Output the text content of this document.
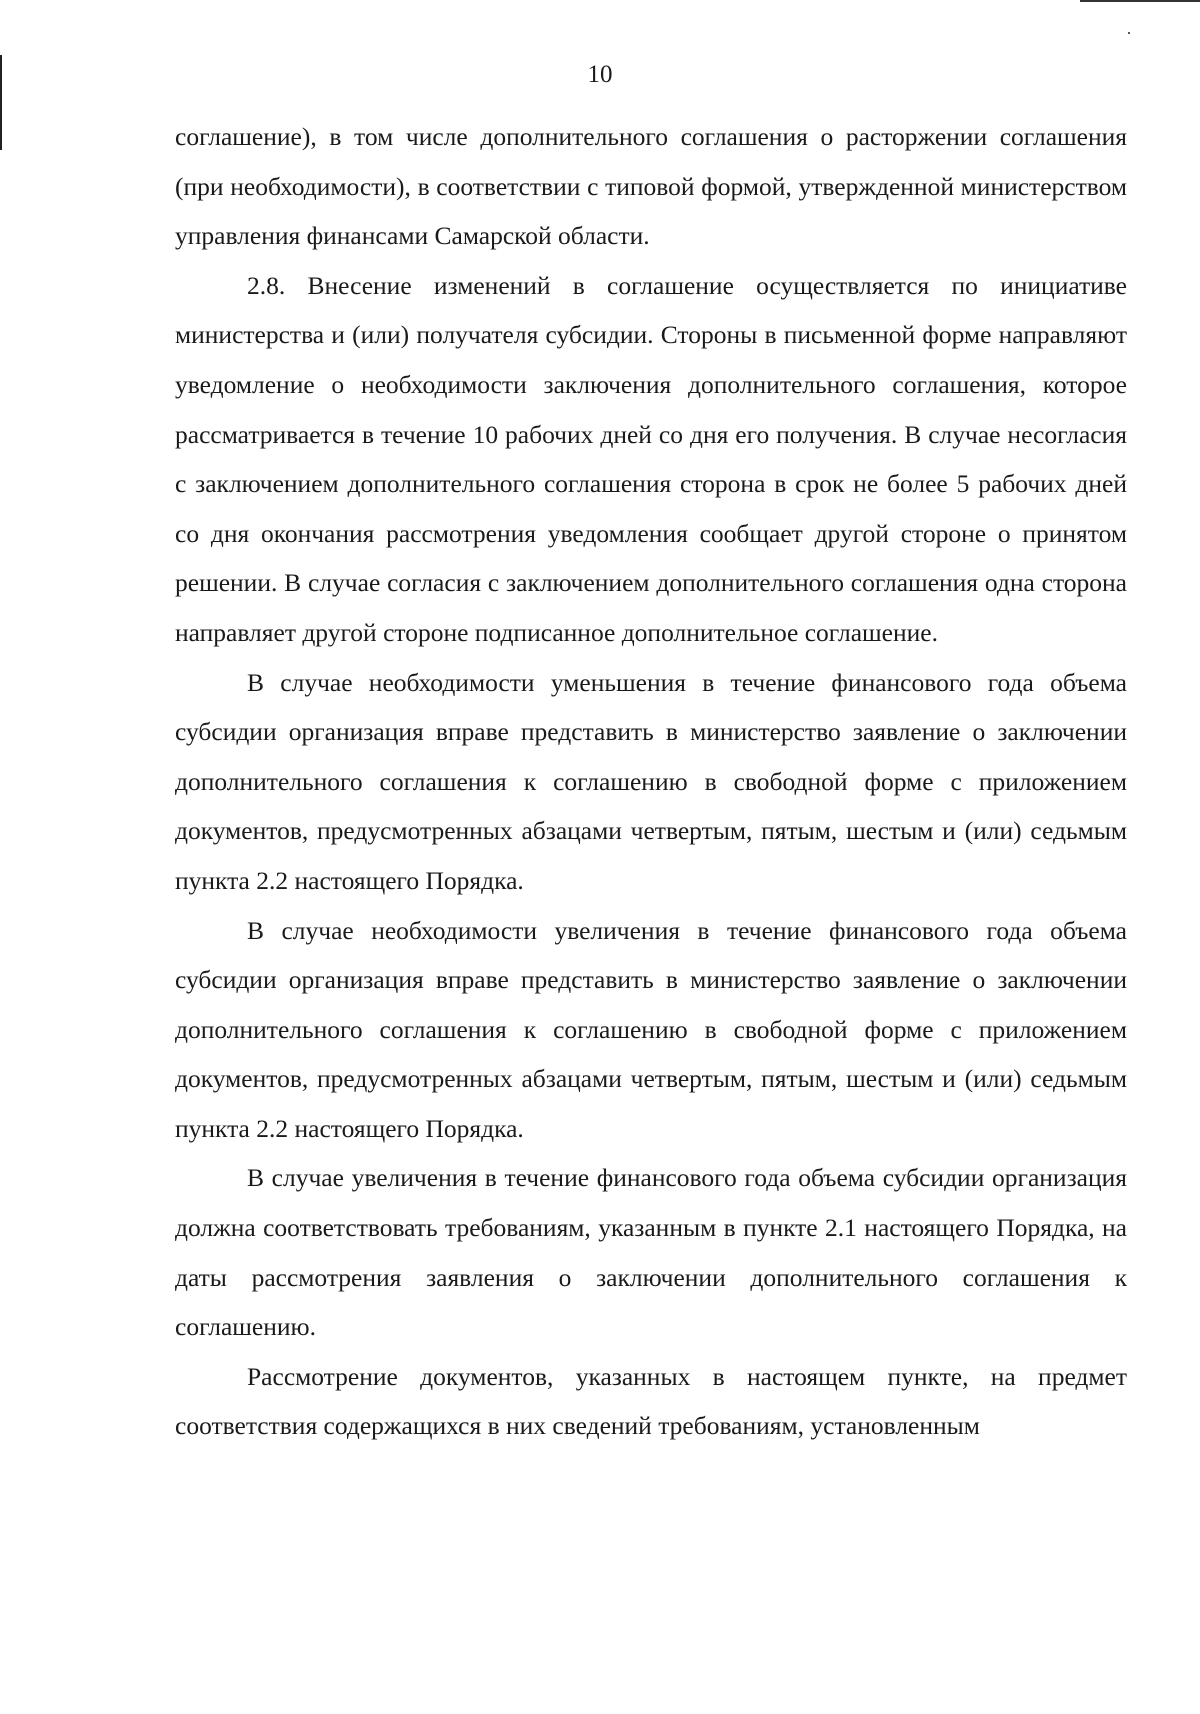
10

соглашение), в том числе дополнительного соглашения о расторжении соглашения (при необходимости), в соответствии с типовой формой, утвержденной министерством управления финансами Самарской области.

2.8. Внесение изменений в соглашение осуществляется по инициативе министерства и (или) получателя субсидии. Стороны в письменной форме направляют уведомление о необходимости заключения дополнительного соглашения, которое рассматривается в течение 10 рабочих дней со дня его получения. В случае несогласия с заключением дополнительного соглашения сторона в срок не более 5 рабочих дней со дня окончания рассмотрения уведомления сообщает другой стороне о принятом решении. В случае согласия с заключением дополнительного соглашения одна сторона направляет другой стороне подписанное дополнительное соглашение.

В случае необходимости уменьшения в течение финансового года объема субсидии организация вправе представить в министерство заявление о заключении дополнительного соглашения к соглашению в свободной форме с приложением документов, предусмотренных абзацами четвертым, пятым, шестым и (или) седьмым пункта 2.2 настоящего Порядка.

В случае необходимости увеличения в течение финансового года объема субсидии организация вправе представить в министерство заявление о заключении дополнительного соглашения к соглашению в свободной форме с приложением документов, предусмотренных абзацами четвертым, пятым, шестым и (или) седьмым пункта 2.2 настоящего Порядка.

В случае увеличения в течение финансового года объема субсидии организация должна соответствовать требованиям, указанным в пункте 2.1 настоящего Порядка, на даты рассмотрения заявления о заключении дополнительного соглашения к соглашению.

Рассмотрение документов, указанных в настоящем пункте, на предмет соответствия содержащихся в них сведений требованиям, установленным
